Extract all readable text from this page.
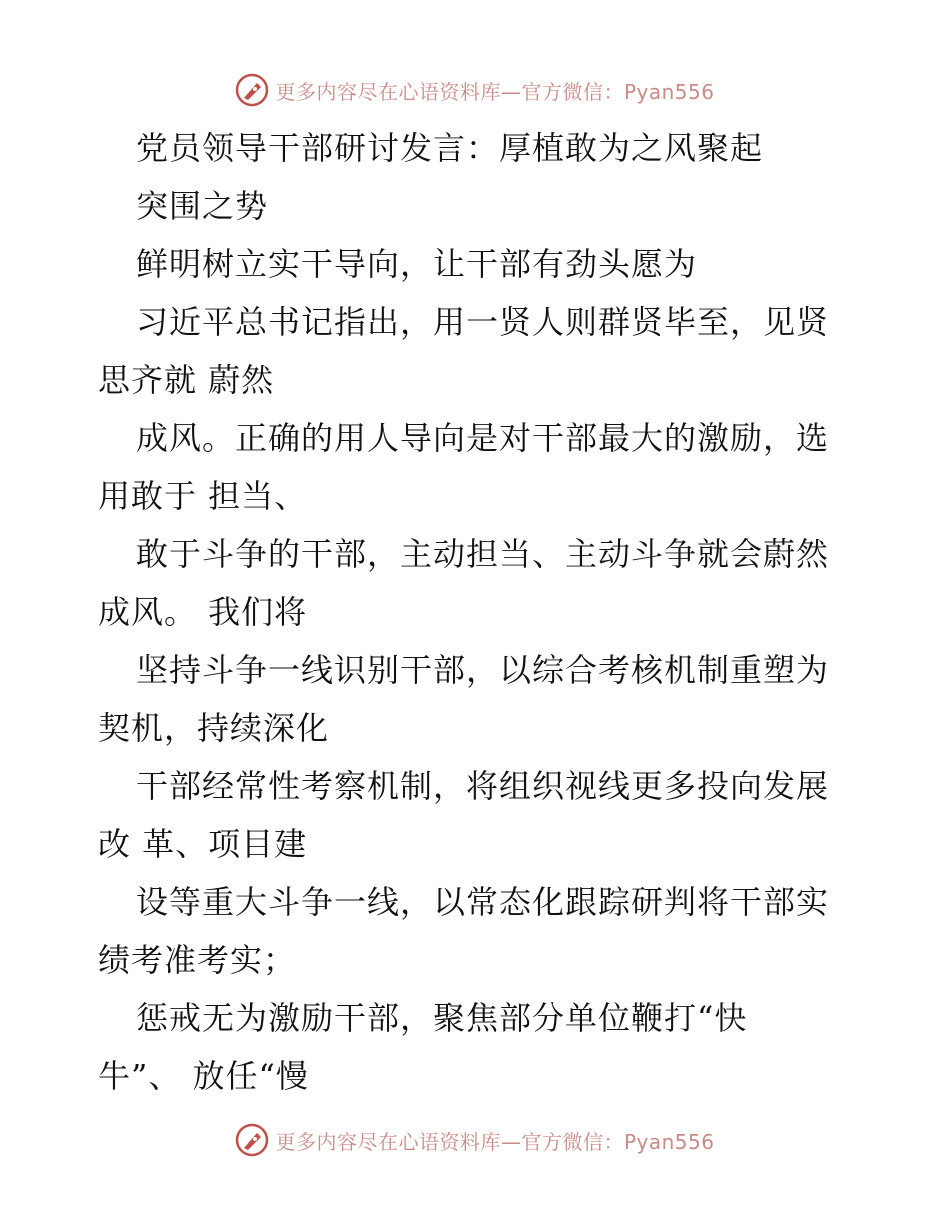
更多内容尽在心语资料库—官方微信：Pyan556
党员领导干部研讨发言：厚植敢为之风聚起
突围之势
鲜明树立实干导向，让干部有劲头愿为
习近平总书记指出，用一贤人则群贤毕至，见贤
思齐就 蔚然
成风。正确的用人导向是对干部最大的激励，选
用敢于 担当、
敢于斗争的干部，主动担当、主动斗争就会蔚然
成风。 我们将
坚持斗争一线识别干部，以综合考核机制重塑为
契机，持续深化
干部经常性考察机制，将组织视线更多投向发展
改 革、项目建
设等重大斗争一线，以常态化跟踪研判将干部实
绩考准考实；
惩戒无为激励干部，聚焦部分单位鞭打“快
牛”、 放任“慢
更多内容尽在心语资料库—官方微信：Pyan556
